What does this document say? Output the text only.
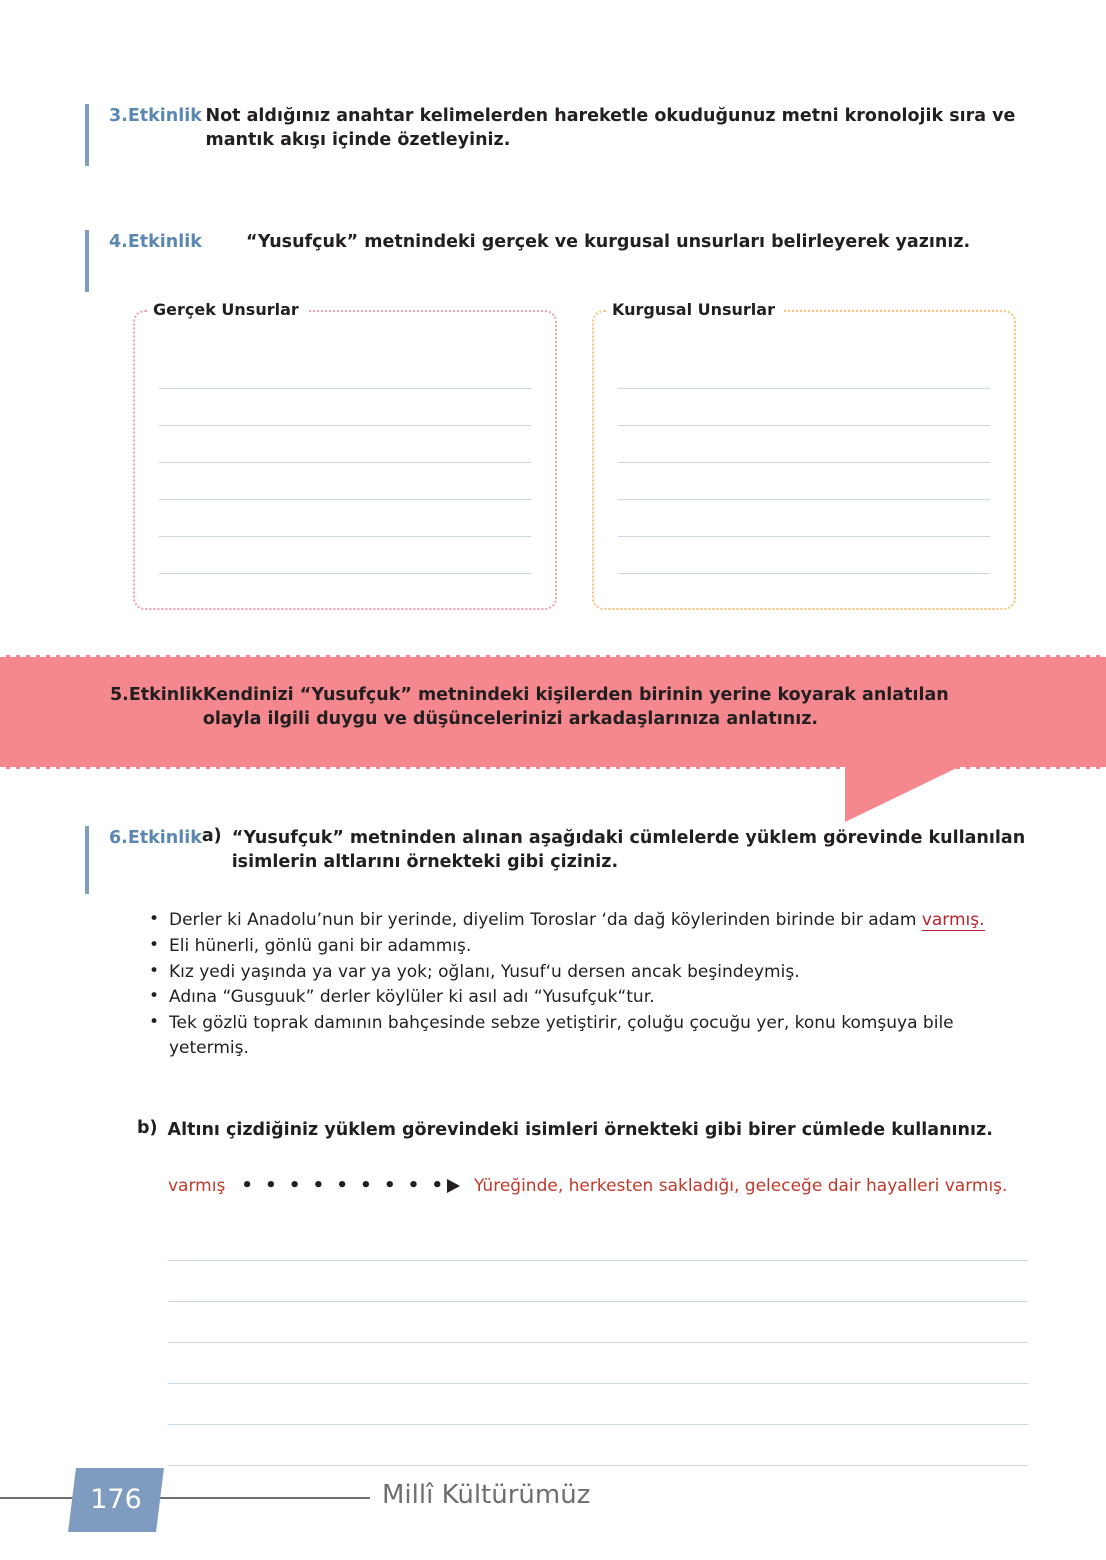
3.Etkinlik Not aldığınız anahtar kelimelerden hareketle okuduğunuz metni kronolojik sıra ve mantık akışı içinde özetleyiniz.
4.Etkinlik	“Yusufçuk” metnindeki gerçek ve kurgusal unsurları belirleyerek yazınız.
Gerçek Unsurlar	Kurgusal Unsurlar
5.Etkinlik Kendinizi “Yusufçuk” metnindeki kişilerden birinin yerine koyarak anlatılan olayla ilgili duygu ve düşüncelerinizi arkadaşlarınıza anlatınız.
6.Etkinlik a) “Yusufçuk” metninden alınan aşağıdaki cümlelerde yüklem görevinde kullanılan isimlerin altlarını örnekteki gibi çiziniz.
• Derler ki Anadolu’nun bir yerinde, diyelim Toroslar ‘da dağ köylerinden birinde bir adam varmış.
• Eli hünerli, gönlü gani bir adammış.
• Kız yedi yaşında ya var ya yok; oğlanı, Yusuf‘u dersen ancak beşindeymiş.
• Adına “Gusguuk” derler köylüler ki asıl adı “Yusufçuk“tur.
• Tek gözlü toprak damının bahçesinde sebze yetiştirir, çoluğu çocuğu yer, konu komşuya bile yetermiş.
b) Altını çizdiğiniz yüklem görevindeki isimleri örnekteki gibi birer cümlede kullanınız.
varmış • • • • • • • • • Yüreğinde, herkesten sakladığı, geleceğe dair hayalleri varmış.
176	Millî Kültürümüz
